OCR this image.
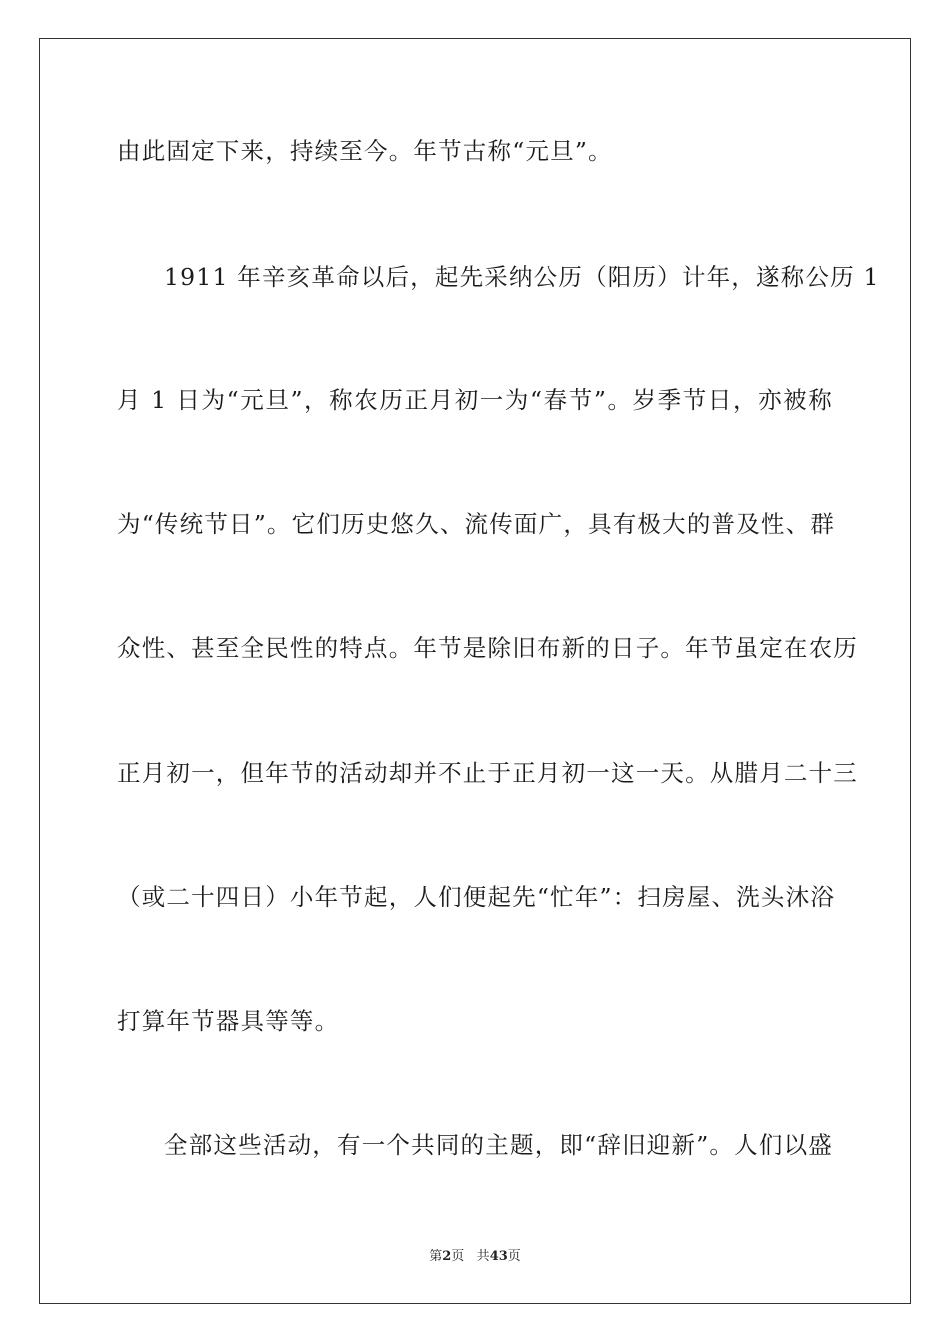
由此固定下来，持续至今。年节古称“元旦”。
1911 年辛亥革命以后，起先采纳公历（阳历）计年，遂称公历 1
月 1 日为“元旦”，称农历正月初一为“春节”。岁季节日，亦被称
为“传统节日”。它们历史悠久、流传面广，具有极大的普及性、群
众性、甚至全民性的特点。年节是除旧布新的日子。年节虽定在农历
正月初一，但年节的活动却并不止于正月初一这一天。从腊月二十三
（或二十四日）小年节起，人们便起先“忙年”：扫房屋、洗头沐浴
打算年节器具等等。
全部这些活动，有一个共同的主题，即“辞旧迎新”。人们以盛
第2页 共43页
